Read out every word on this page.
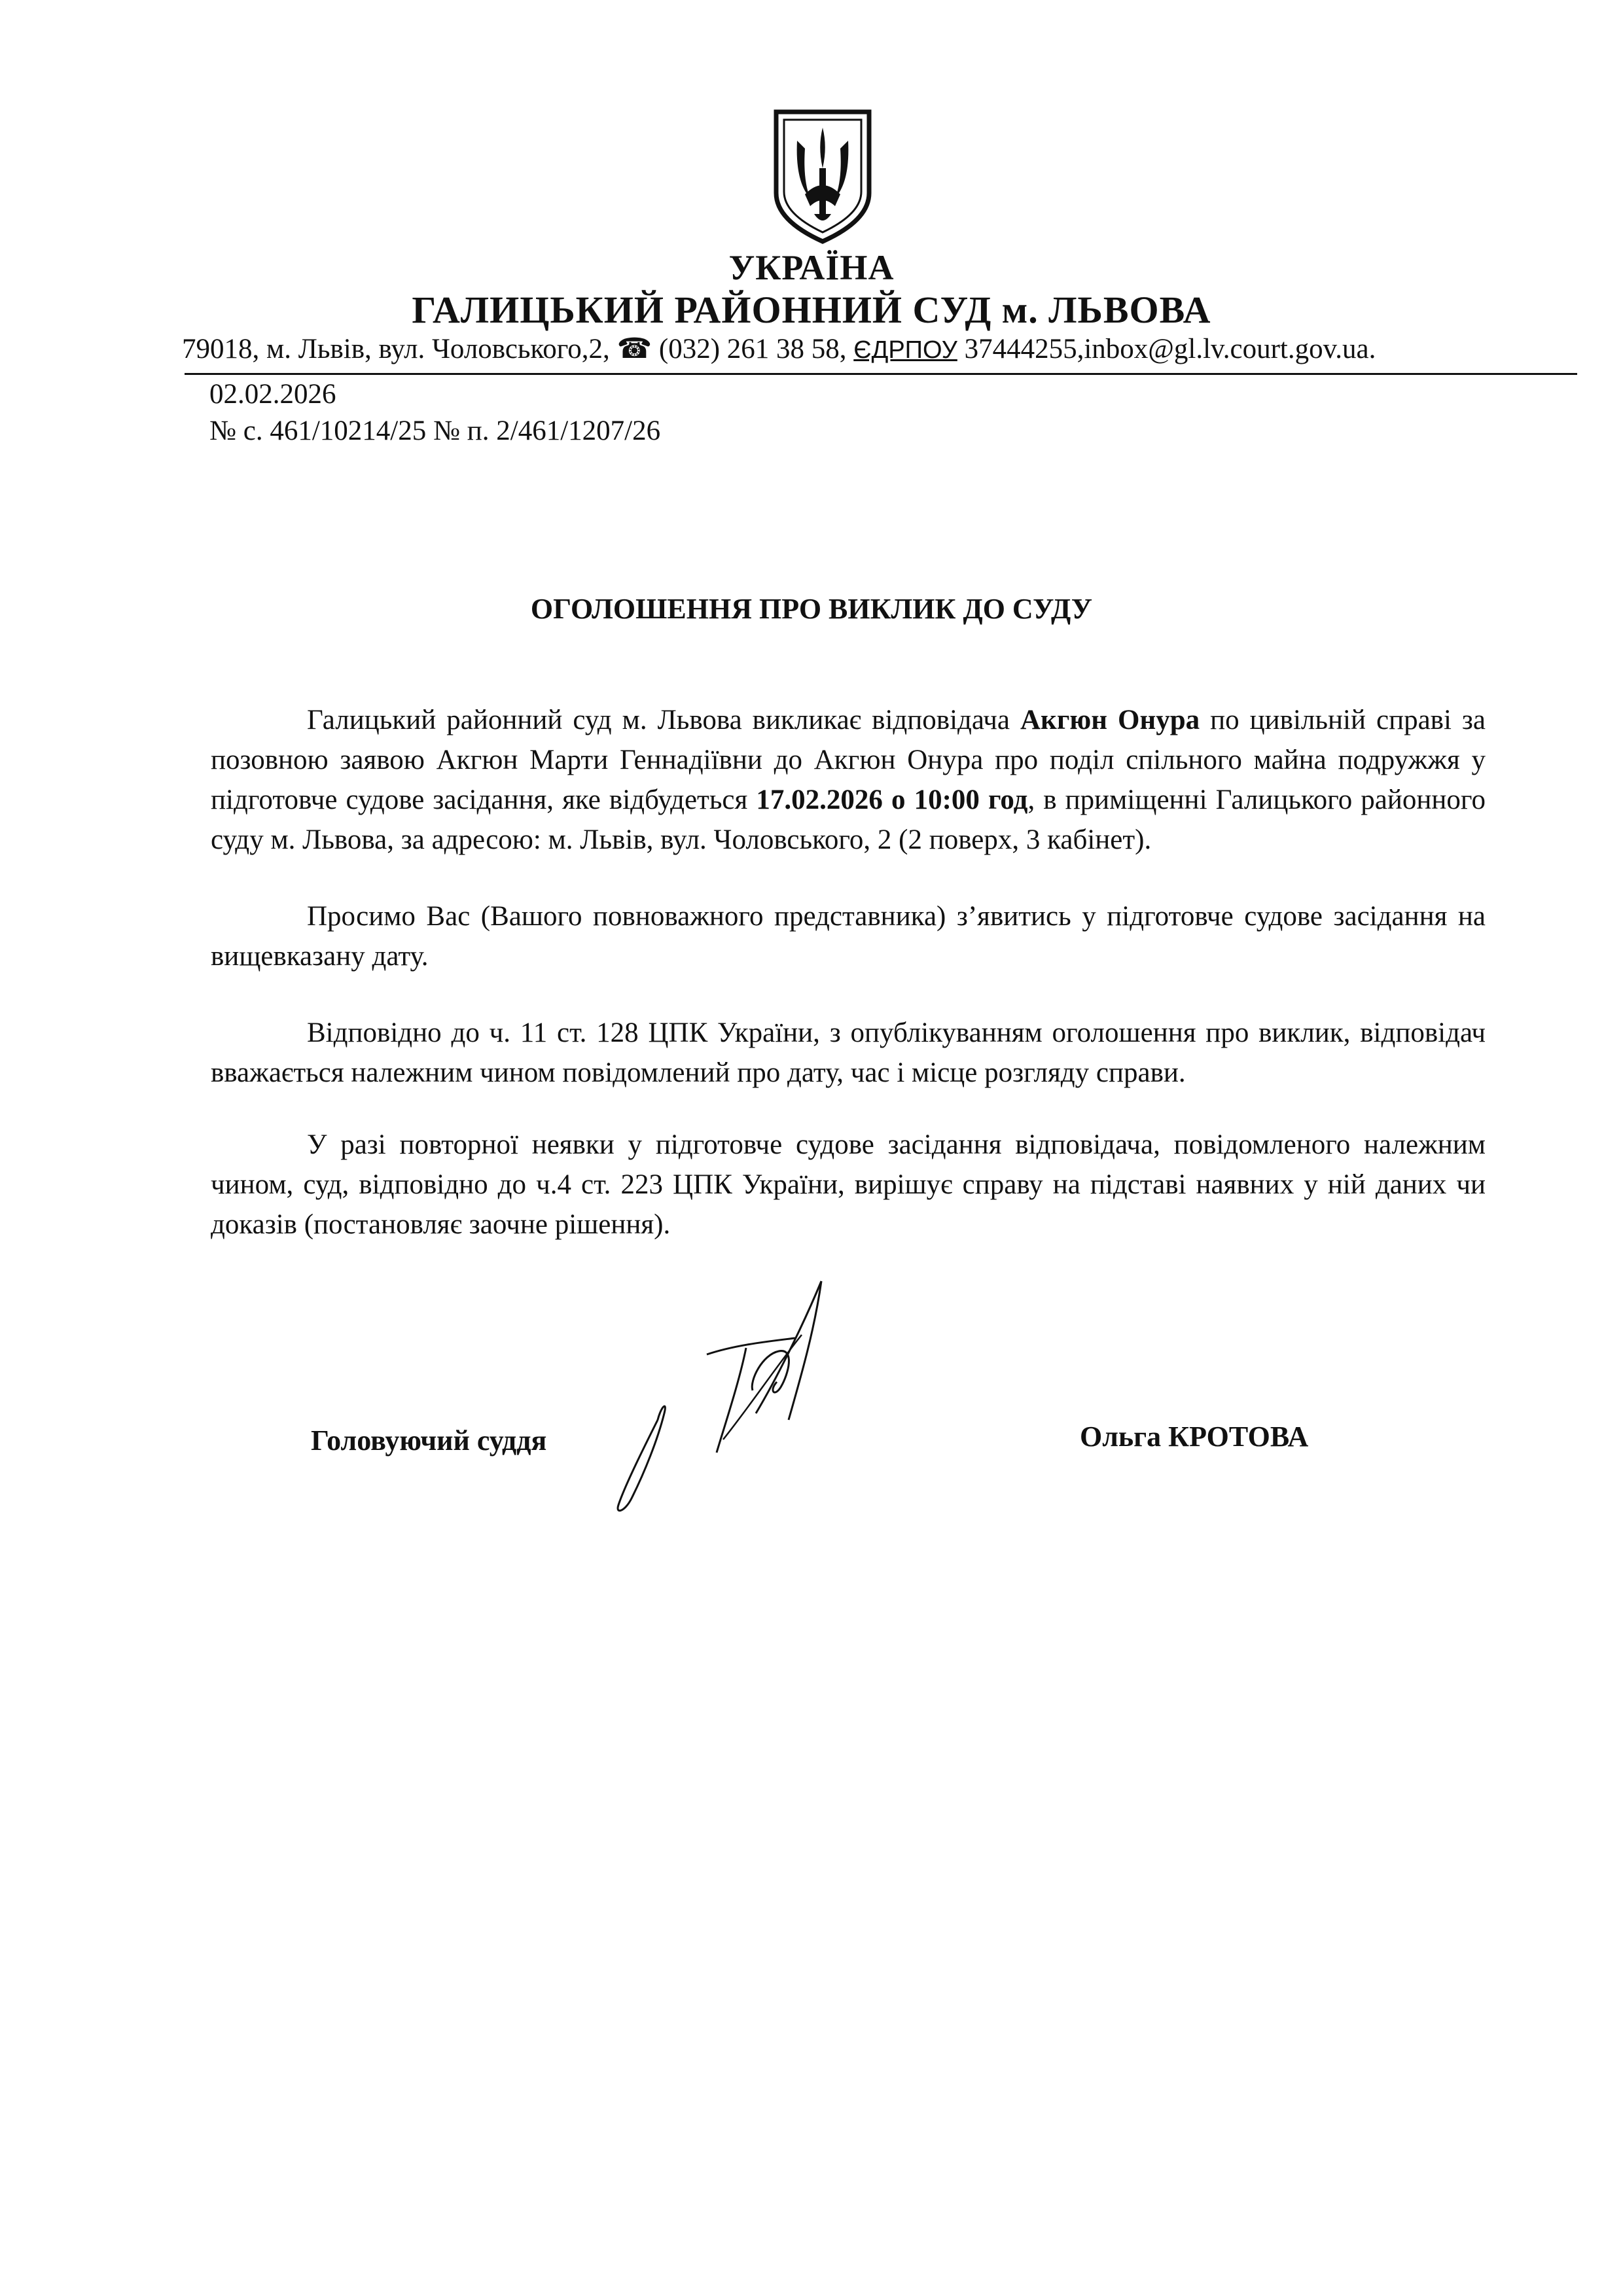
УКРАЇНА
ГАЛИЦЬКИЙ РАЙОННИЙ СУД м. ЛЬВОВА
79018, м. Львів, вул. Чоловського,2, ☎ (032) 261 38 58, ЄДРПОУ 37444255,inbox@gl.lv.court.gov.ua.
02.02.2026
№ с. 461/10214/25 № п. 2/461/1207/26
ОГОЛОШЕННЯ ПРО ВИКЛИК ДО СУДУ
Галицький районний суд м. Львова викликає відповідача Акгюн Онура по цивільній справі за позовною заявою Акгюн Марти Геннадіївни до Акгюн Онура про поділ спільного майна подружжя у підготовче судове засідання, яке відбудеться 17.02.2026 о 10:00 год, в приміщенні Галицького районного суду м. Львова, за адресою: м. Львів, вул. Чоловського, 2 (2 поверх, 3 кабінет).
Просимо Вас (Вашого повноважного представника) з’явитись у підготовче судове засідання на вищевказану дату.
Відповідно до ч. 11 ст. 128 ЦПК України, з опублікуванням оголошення про виклик, відповідач вважається належним чином повідомлений про дату, час і місце розгляду справи.
У разі повторної неявки у підготовче судове засідання відповідача, повідомленого належним чином, суд, відповідно до ч.4 ст. 223 ЦПК України, вирішує справу на підставі наявних у ній даних чи доказів (постановляє заочне рішення).
Головуючий суддя	Ольга КРОТОВА
